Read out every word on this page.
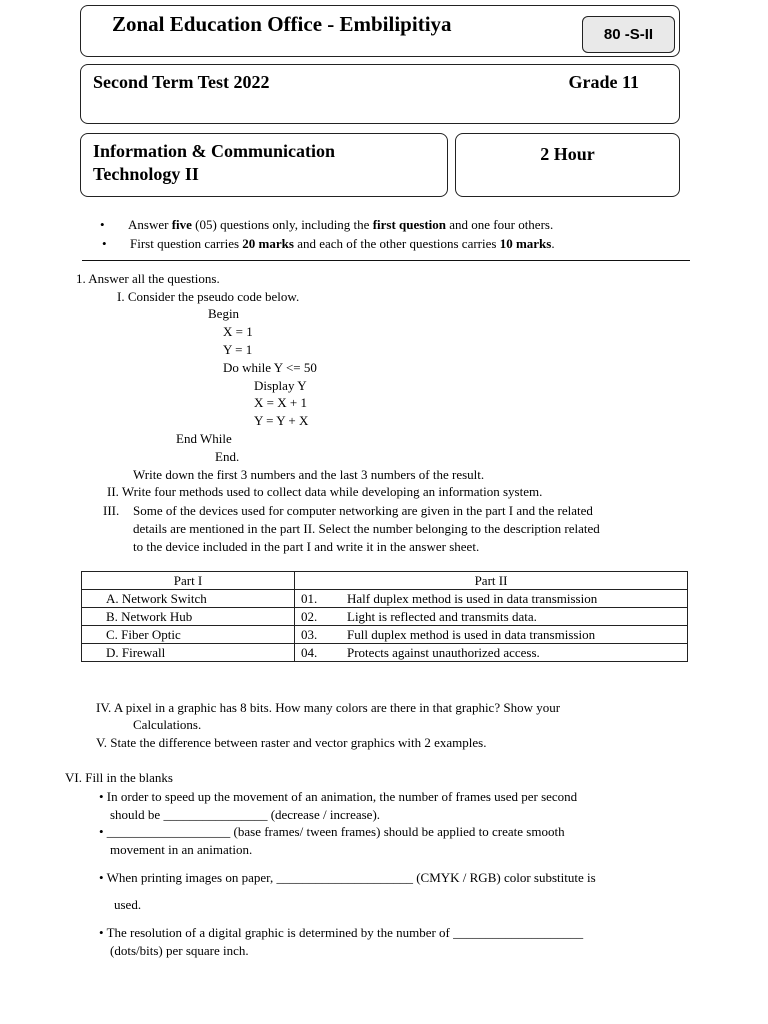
Zonal Education Office - Embilipitiya	80 -S-II
Second Term Test 2022	Grade 11
Information & Communication
Technology II
2 Hour
• Answer five (05) questions only, including the first question and one four others.
• First question carries 20 marks and each of the other questions carries 10 marks.
1. Answer all the questions.
I. Consider the pseudo code below.
Begin
X = 1
Y = 1
Do while Y <= 50
Display Y
X = X + 1
Y = Y + X
End While
End.
Write down the first 3 numbers and the last 3 numbers of the result.
II. Write four methods used to collect data while developing an information system.
III. Some of the devices used for computer networking are given in the part I and the related
details are mentioned in the part II. Select the number belonging to the description related
to the device included in the part I and write it in the answer sheet.
Part I	Part II
A. Network Switch	01. Half duplex method is used in data transmission
B. Network Hub	02. Light is reflected and transmits data.
C. Fiber Optic	03. Full duplex method is used in data transmission
D. Firewall	04. Protects against unauthorized access.
IV. A pixel in a graphic has 8 bits. How many colors are there in that graphic? Show your
Calculations.
V. State the difference between raster and vector graphics with 2 examples.
VI. Fill in the blanks
• In order to speed up the movement of an animation, the number of frames used per second
should be ________________ (decrease / increase).
• ___________________ (base frames/ tween frames) should be applied to create smooth
movement in an animation.
• When printing images on paper, _____________________ (CMYK / RGB) color substitute is
used.
• The resolution of a digital graphic is determined by the number of ____________________
(dots/bits) per square inch.
